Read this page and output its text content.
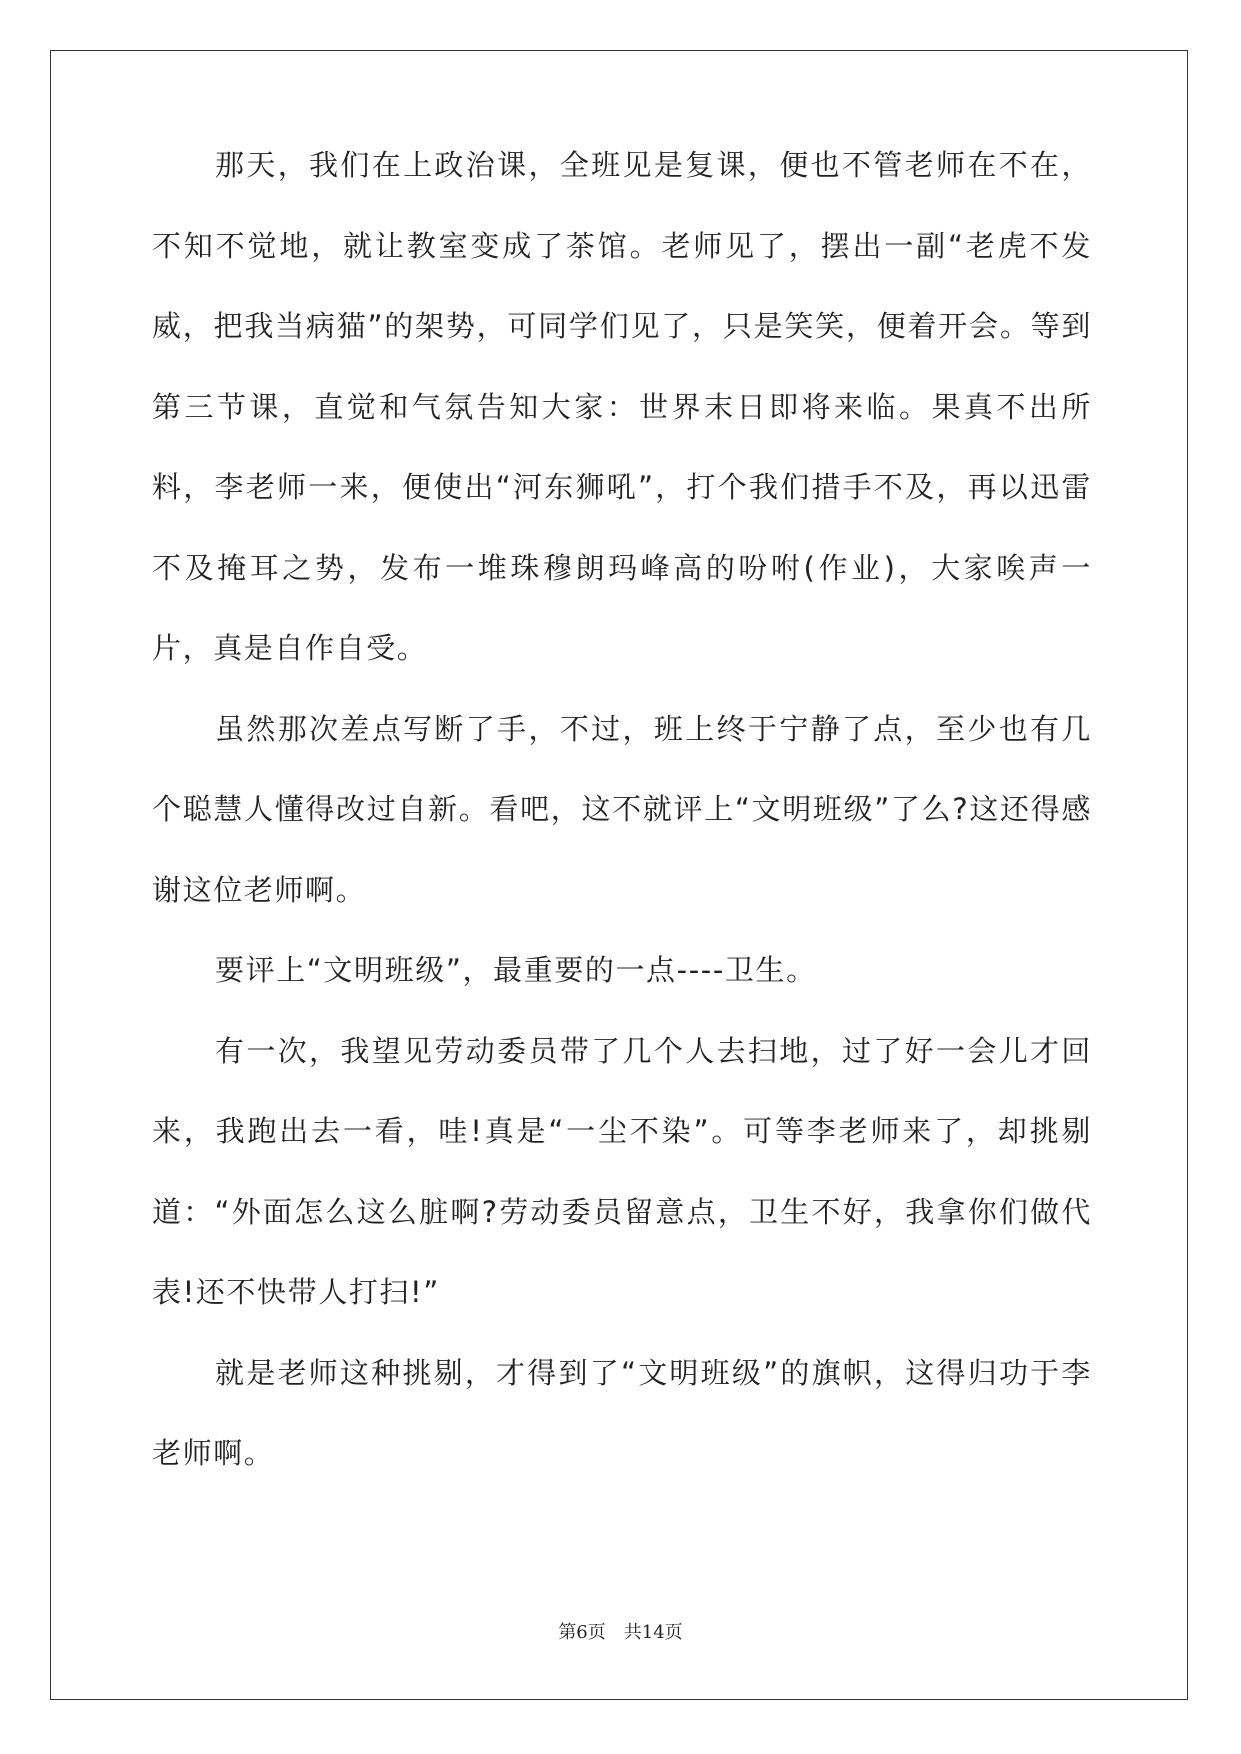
那天，我们在上政治课，全班见是复课，便也不管老师在不在，不知不觉地，就让教室变成了茶馆。老师见了，摆出一副“老虎不发威，把我当病猫”的架势，可同学们见了，只是笑笑，便着开会。等到第三节课，直觉和气氛告知大家：世界末日即将来临。果真不出所料，李老师一来，便使出“河东狮吼”，打个我们措手不及，再以迅雷不及掩耳之势，发布一堆珠穆朗玛峰高的吩咐(作业)，大家唉声一片，真是自作自受。

虽然那次差点写断了手，不过，班上终于宁静了点，至少也有几个聪慧人懂得改过自新。看吧，这不就评上“文明班级”了么?这还得感谢这位老师啊。

要评上“文明班级”，最重要的一点----卫生。

有一次，我望见劳动委员带了几个人去扫地，过了好一会儿才回来，我跑出去一看，哇!真是“一尘不染”。可等李老师来了，却挑剔道：“外面怎么这么脏啊?劳动委员留意点，卫生不好，我拿你们做代表!还不快带人打扫!”

就是老师这种挑剔，才得到了“文明班级”的旗帜，这得归功于李老师啊。

第6页　共14页
